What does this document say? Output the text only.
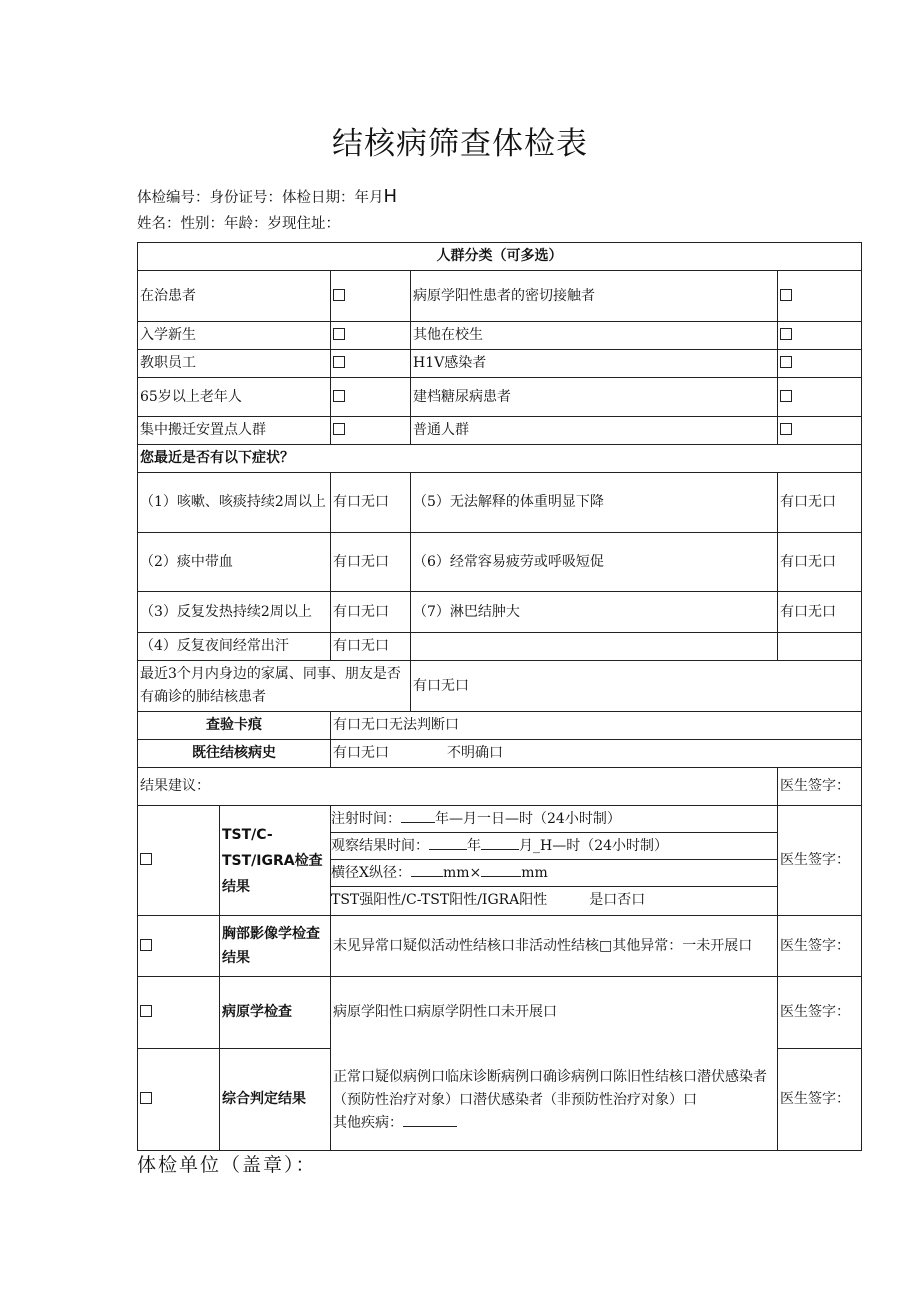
结核病筛查体检表
体检编号：身份证号：体检日期：年月H
姓名：性别：年龄：岁现住址：
人群分类（可多选）				
在治患者			病原学阳性患者的密切接触者	
入学新生			其他在校生	
教职员工			H1V感染者	
65岁以上老年人			建档糖尿病患者	
集中搬迁安置点人群			普通人群	
您最近是否有以下症状？				
（1）咳嗽、咳痰持续2周以上		有口无口	（5）无法解释的体重明显下降	有口无口
（2）痰中带血		有口无口	（6）经常容易疲劳或呼吸短促	有口无口
（3）反复发热持续2周以上		有口无口	（7）淋巴结肿大	有口无口
（4）反复夜间经常出汗		有口无口		
最近3个月内身边的家属、同事、朋友是否有确诊的肺结核患者			有口无口	
查验卡痕		有口无口无法判断口		
既往结核病史		有口无口 不明确口		
结果建议：				医生签字：
	TST/C-TST/IGRA检查结果	注射时间： 年—月一日—时（24小时制）
观察结果时间： 年 月_H—时（24小时制）
横径X纵径： mm× mm
TST强阳性/C-TST阳性/IGRA阳性 是口否口		医生签字：
	胸部影像学检查结果	未见异常口疑似活动性结核口非活动性结核□其他异常：一未开展口		医生签字：
	病原学检查	病原学阳性口病原学阴性口未开展口		医生签字：
	综合判定结果	正常口疑似病例口临床诊断病例口确诊病例口陈旧性结核口潜伏感染者（预防性治疗对象）口潜伏感染者（非预防性治疗对象）口
其他疾病：		医生签字：
体检单位（盖章）：
